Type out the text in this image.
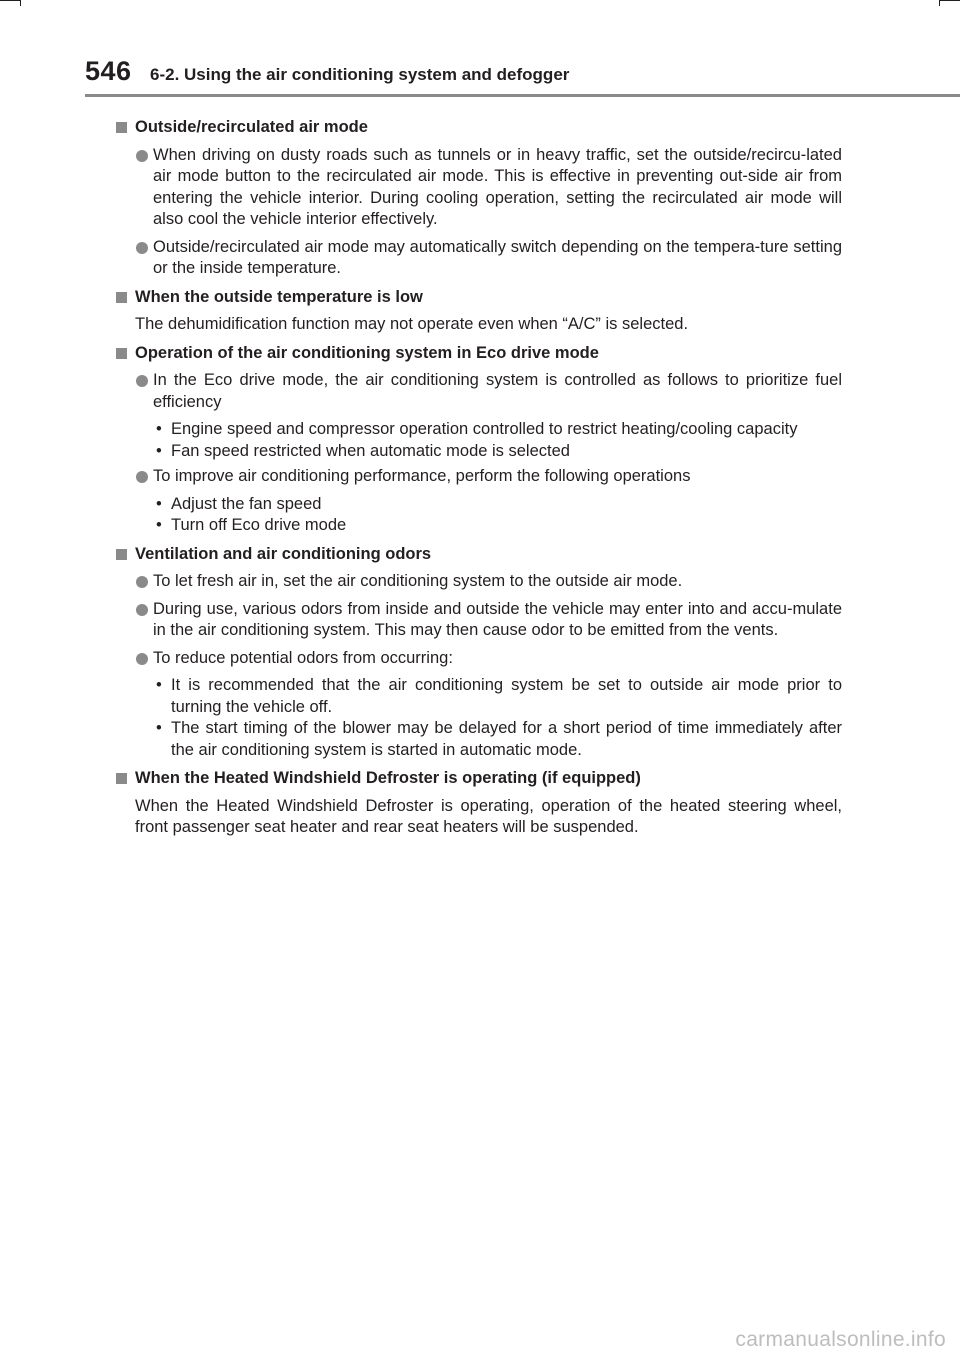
546 6-2. Using the air conditioning system and defogger
Outside/recirculated air mode
When driving on dusty roads such as tunnels or in heavy traffic, set the outside/recircu-lated air mode button to the recirculated air mode. This is effective in preventing out-side air from entering the vehicle interior. During cooling operation, setting the recirculated air mode will also cool the vehicle interior effectively.
Outside/recirculated air mode may automatically switch depending on the tempera-ture setting or the inside temperature.
When the outside temperature is low
The dehumidification function may not operate even when “A/C” is selected.
Operation of the air conditioning system in Eco drive mode
In the Eco drive mode, the air conditioning system is controlled as follows to prioritize fuel efficiency
• Engine speed and compressor operation controlled to restrict heating/cooling capacity
• Fan speed restricted when automatic mode is selected
To improve air conditioning performance, perform the following operations
• Adjust the fan speed
• Turn off Eco drive mode
Ventilation and air conditioning odors
To let fresh air in, set the air conditioning system to the outside air mode.
During use, various odors from inside and outside the vehicle may enter into and accu-mulate in the air conditioning system. This may then cause odor to be emitted from the vents.
To reduce potential odors from occurring:
• It is recommended that the air conditioning system be set to outside air mode prior to turning the vehicle off.
• The start timing of the blower may be delayed for a short period of time immediately after the air conditioning system is started in automatic mode.
When the Heated Windshield Defroster is operating (if equipped)
When the Heated Windshield Defroster is operating, operation of the heated steering wheel, front passenger seat heater and rear seat heaters will be suspended.
carmanualsonline.info
